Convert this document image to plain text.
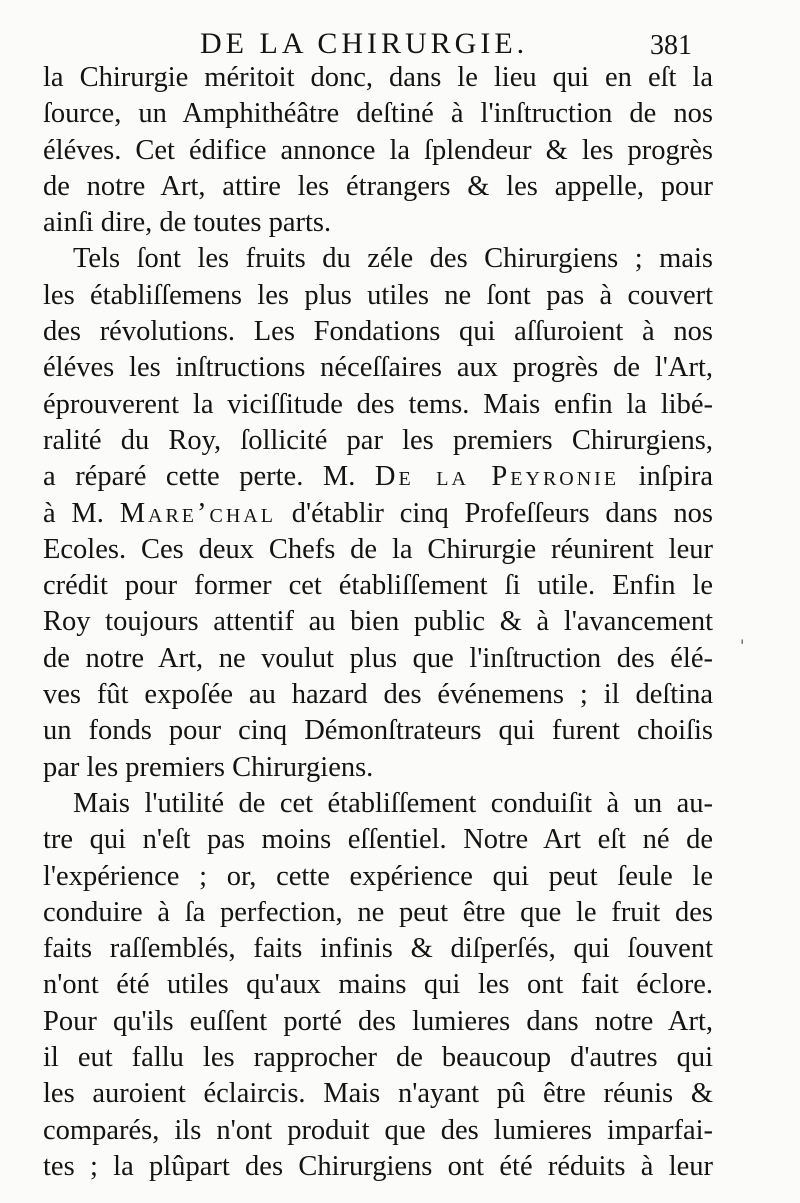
DE LA CHIRURGIE.	381
la Chirurgie méritoit donc, dans le lieu qui en eſt la
ſource, un Amphithéâtre deſtiné à l'inſtruction de nos
éléves. Cet édifice annonce la ſplendeur & les progrès
de notre Art, attire les étrangers & les appelle, pour
ainſi dire, de toutes parts.
Tels ſont les fruits du zéle des Chirurgiens ; mais
les établiſſemens les plus utiles ne ſont pas à couvert
des révolutions. Les Fondations qui aſſuroient à nos
éléves les inſtructions néceſſaires aux progrès de l'Art,
éprouverent la viciſſitude des tems. Mais enfin la libé-
ralité du Roy, ſollicité par les premiers Chirurgiens,
a réparé cette perte. M. De la Peyronie inſpira
à M. Mareʼchal d'établir cinq Profeſſeurs dans nos
Ecoles. Ces deux Chefs de la Chirurgie réunirent leur
crédit pour former cet établiſſement ſi utile. Enfin le
Roy toujours attentif au bien public & à l'avancement
de notre Art, ne voulut plus que l'inſtruction des élé-
ves fût expoſée au hazard des événemens ; il deſtina
un fonds pour cinq Démonſtrateurs qui furent choiſis
par les premiers Chirurgiens.
Mais l'utilité de cet établiſſement conduiſit à un au-
tre qui n'eſt pas moins eſſentiel. Notre Art eſt né de
l'expérience ; or, cette expérience qui peut ſeule le
conduire à ſa perfection, ne peut être que le fruit des
faits raſſemblés, faits infinis & diſperſés, qui ſouvent
n'ont été utiles qu'aux mains qui les ont fait éclore.
Pour qu'ils euſſent porté des lumieres dans notre Art,
il eut fallu les rapprocher de beaucoup d'autres qui
les auroient éclaircis. Mais n'ayant pû être réunis &
comparés, ils n'ont produit que des lumieres imparfai-
tes ; la plûpart des Chirurgiens ont été réduits à leur
'
